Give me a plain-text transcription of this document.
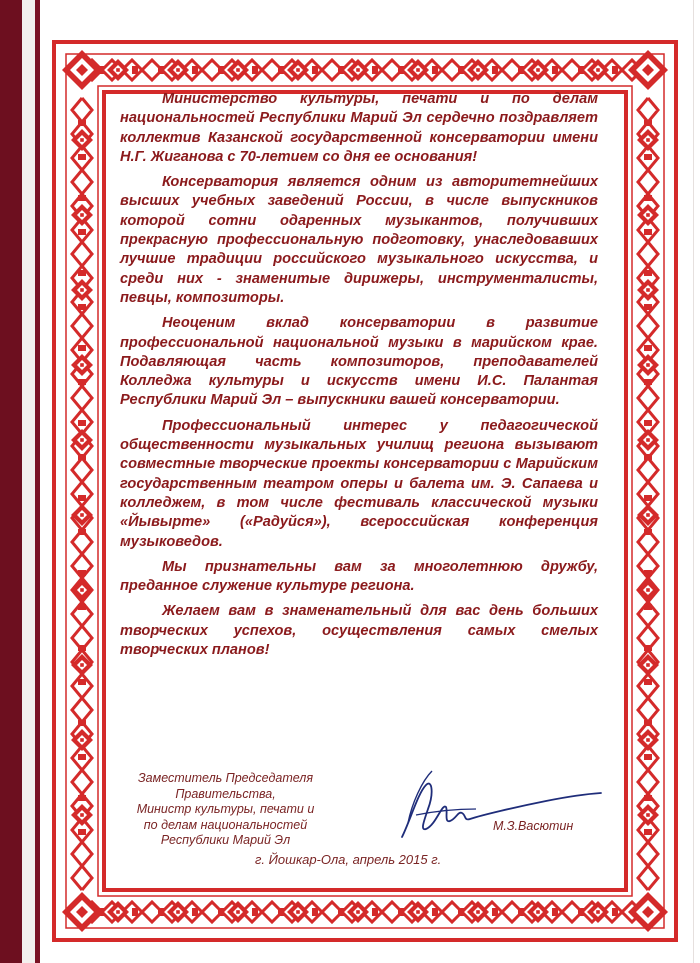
Министерство культуры, печати и по делам национальностей Республики Марий Эл сердечно поздравляет коллектив Казанской государственной консерватории имени Н.Г. Жиганова с 70-летием со дня ее основания!

Консерватория является одним из авторитетнейших высших учебных заведений России, в числе выпускников которой сотни одаренных музыкантов, получивших прекрасную профессиональную подготовку, унаследовавших лучшие традиции российского музыкального искусства, и среди них - знаменитые дирижеры, инструменталисты, певцы, композиторы.

Неоценим вклад консерватории в развитие профессиональной национальной музыки в марийском крае. Подавляющая часть композиторов, преподавателей Колледжа культуры и искусств имени И.С. Палантая Республики Марий Эл – выпускники вашей консерватории.

Профессиональный интерес у педагогической общественности музыкальных училищ региона вызывают совместные творческие проекты консерватории с Марийским государственным театром оперы и балета им. Э. Сапаева и колледжем, в том числе фестиваль классической музыки «Йывырте» («Радуйся»), всероссийская конференция музыковедов.

Мы признательны вам за многолетнюю дружбу, преданное служение культуре региона.

Желаем вам в знаменательный для вас день больших творческих успехов, осуществления самых смелых творческих планов!

Заместитель Председателя Правительства,
Министр культуры, печати и
по делам национальностей
Республики Марий Эл
М.З.Васютин
г. Йошкар-Ола, апрель 2015 г.
